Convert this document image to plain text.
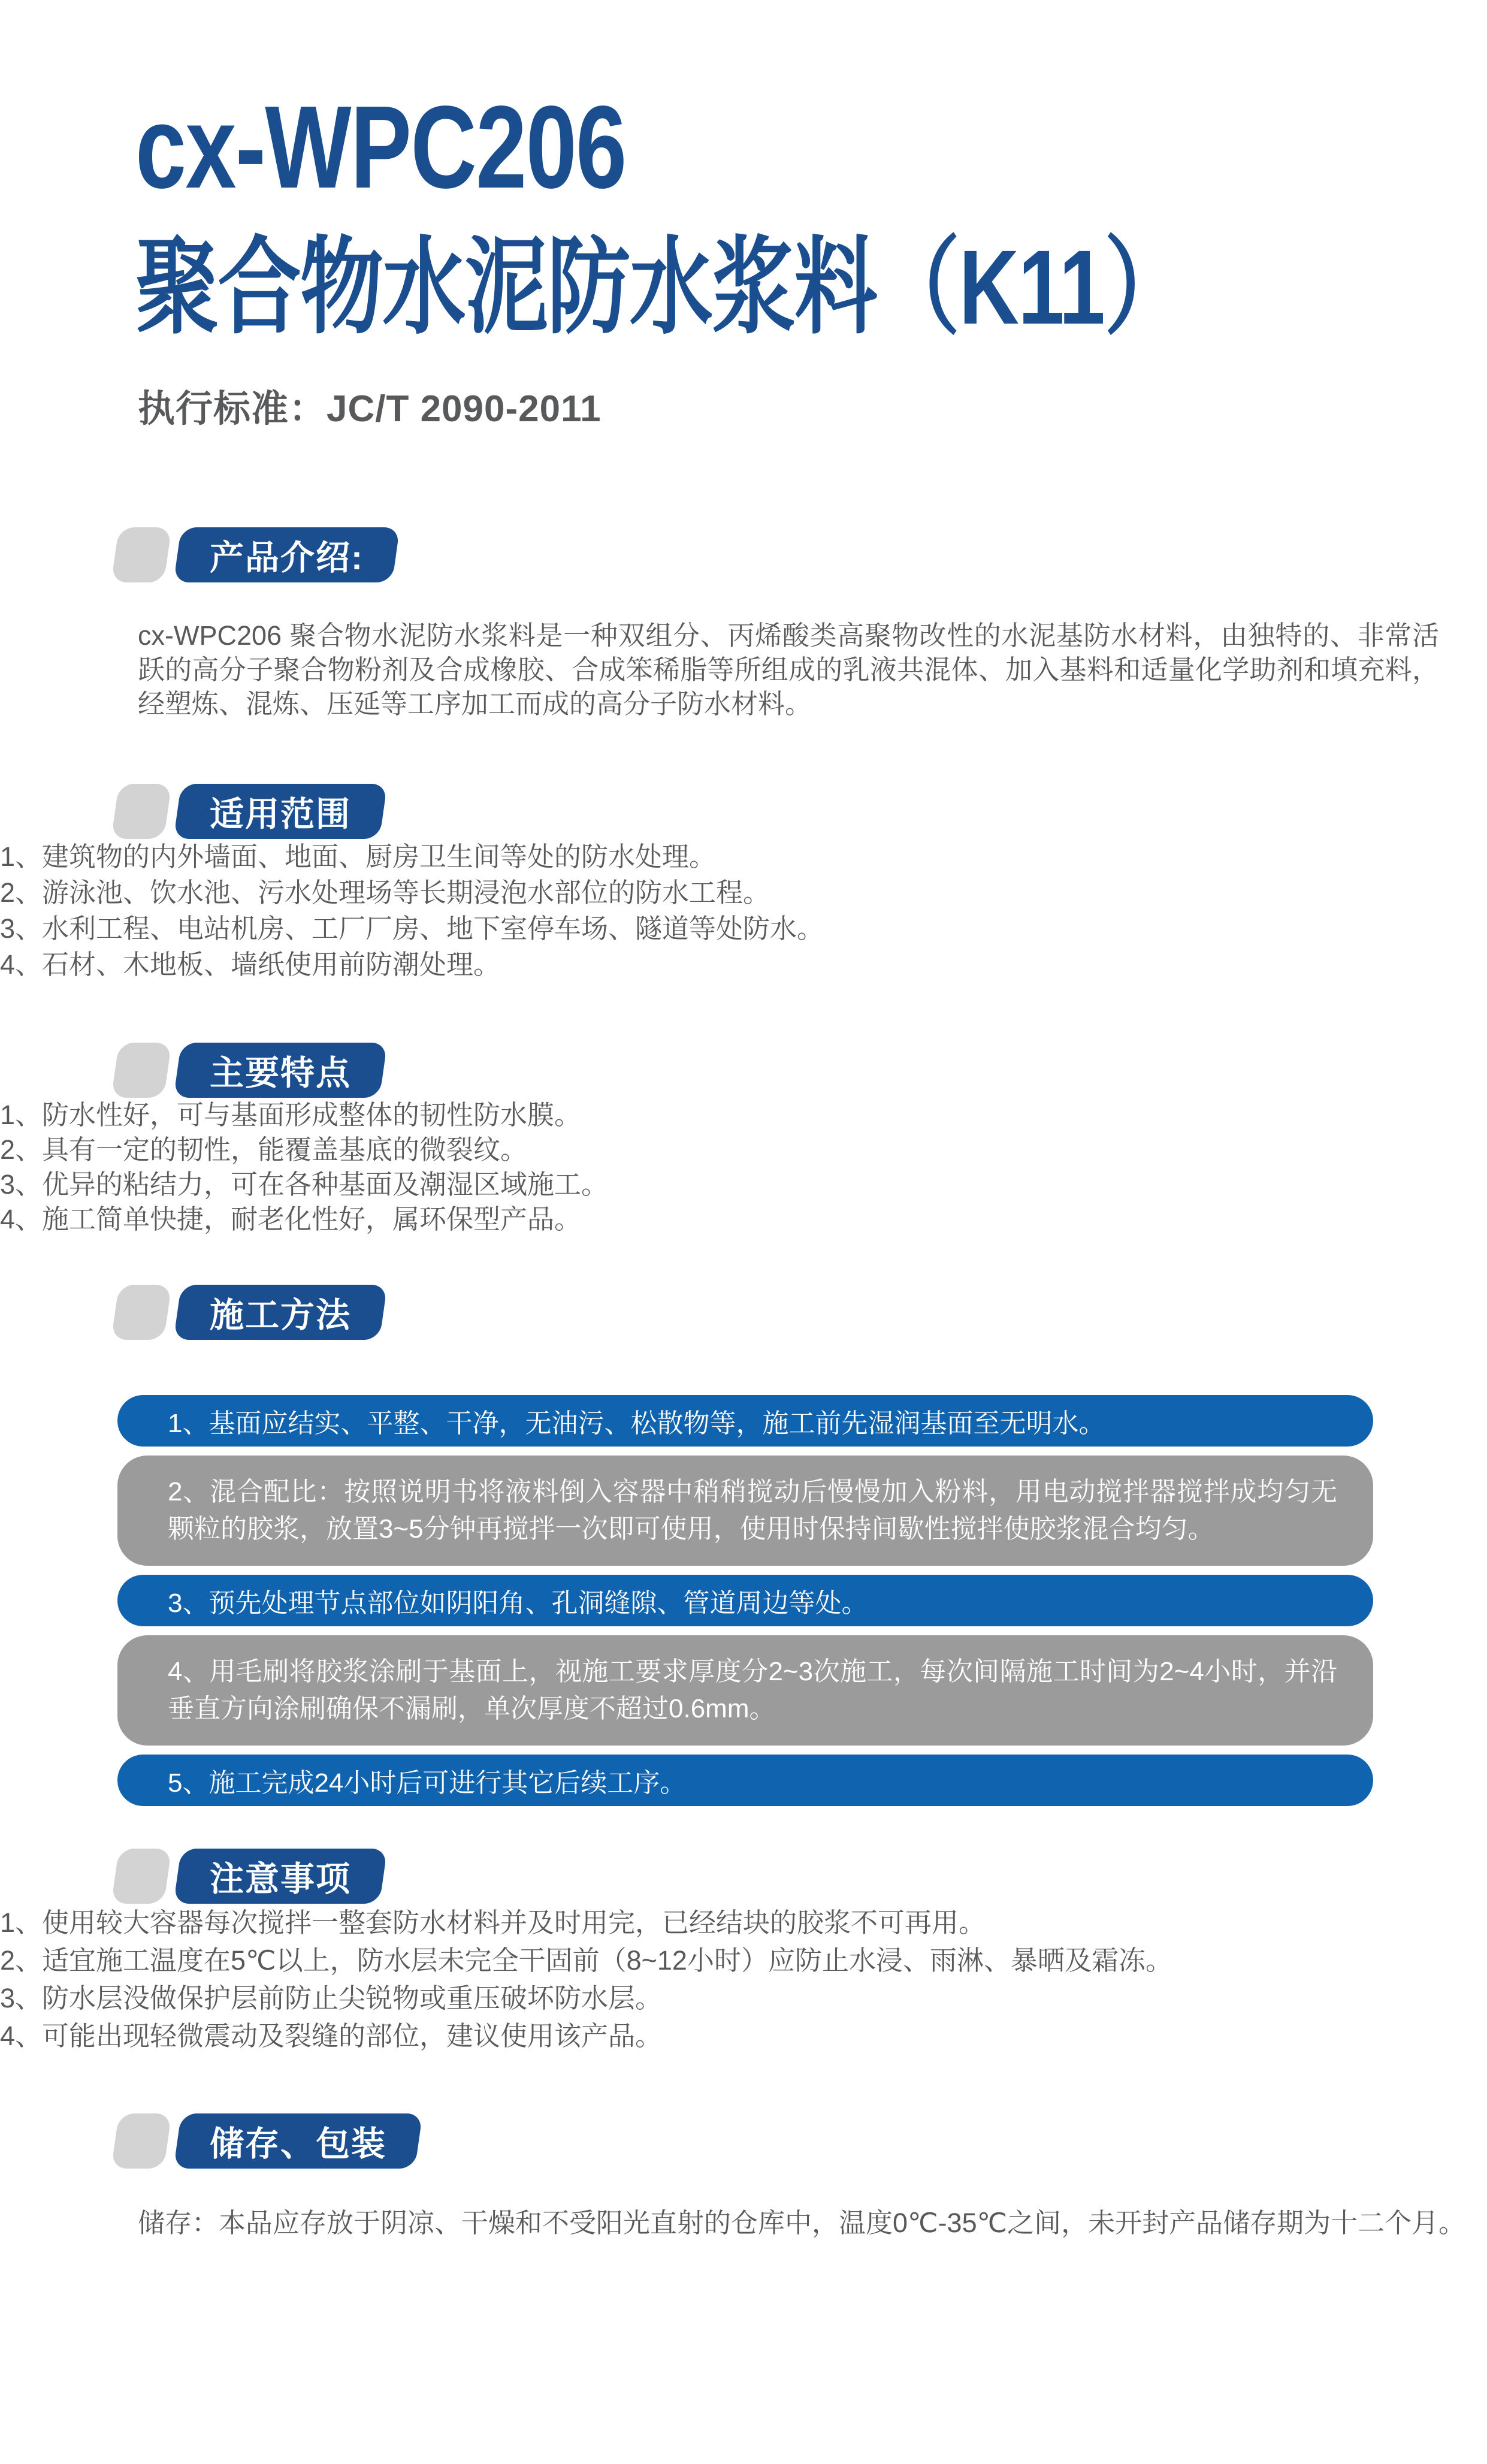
cx-WPC206
聚合物水泥防水浆料（K11）
执行标准：JC/T 2090-2011
产品介绍:

cx-WPC206 聚合物水泥防水浆料是一种双组分、丙烯酸类高聚物改性的水泥基防水材料，由独特的、非常活跃的高分子聚合物粉剂及合成橡胶、合成笨稀脂等所组成的乳液共混体、加入基料和适量化学助剂和填充料，经塑炼、混炼、压延等工序加工而成的高分子防水材料。

适用范围
1、建筑物的内外墙面、地面、厨房卫生间等处的防水处理。
2、游泳池、饮水池、污水处理场等长期浸泡水部位的防水工程。
3、水利工程、电站机房、工厂厂房、地下室停车场、隧道等处防水。
4、石材、木地板、墙纸使用前防潮处理。
主要特点
1、防水性好，可与基面形成整体的韧性防水膜。
2、具有一定的韧性，能覆盖基底的微裂纹。
3、优异的粘结力，可在各种基面及潮湿区域施工。
4、施工简单快捷，耐老化性好，属环保型产品。
施工方法
1、基面应结实、平整、干净，无油污、松散物等，施工前先湿润基面至无明水。
2、混合配比：按照说明书将液料倒入容器中稍稍搅动后慢慢加入粉料，用电动搅拌器搅拌成均匀无颗粒的胶浆，放置3~5分钟再搅拌一次即可使用，使用时保持间歇性搅拌使胶浆混合均匀。
3、预先处理节点部位如阴阳角、孔洞缝隙、管道周边等处。
4、用毛刷将胶浆涂刷于基面上，视施工要求厚度分2~3次施工，每次间隔施工时间为2~4小时，并沿垂直方向涂刷确保不漏刷，单次厚度不超过0.6mm。
5、施工完成24小时后可进行其它后续工序。
注意事项
1、使用较大容器每次搅拌一整套防水材料并及时用完，已经结块的胶浆不可再用。
2、适宜施工温度在5℃以上，防水层未完全干固前（8~12小时）应防止水浸、雨淋、暴晒及霜冻。
3、防水层没做保护层前防止尖锐物或重压破坏防水层。
4、可能出现轻微震动及裂缝的部位，建议使用该产品。
储存、包装

储存：本品应存放于阴凉、干燥和不受阳光直射的仓库中，温度0℃-35℃之间，未开封产品储存期为十二个月。
